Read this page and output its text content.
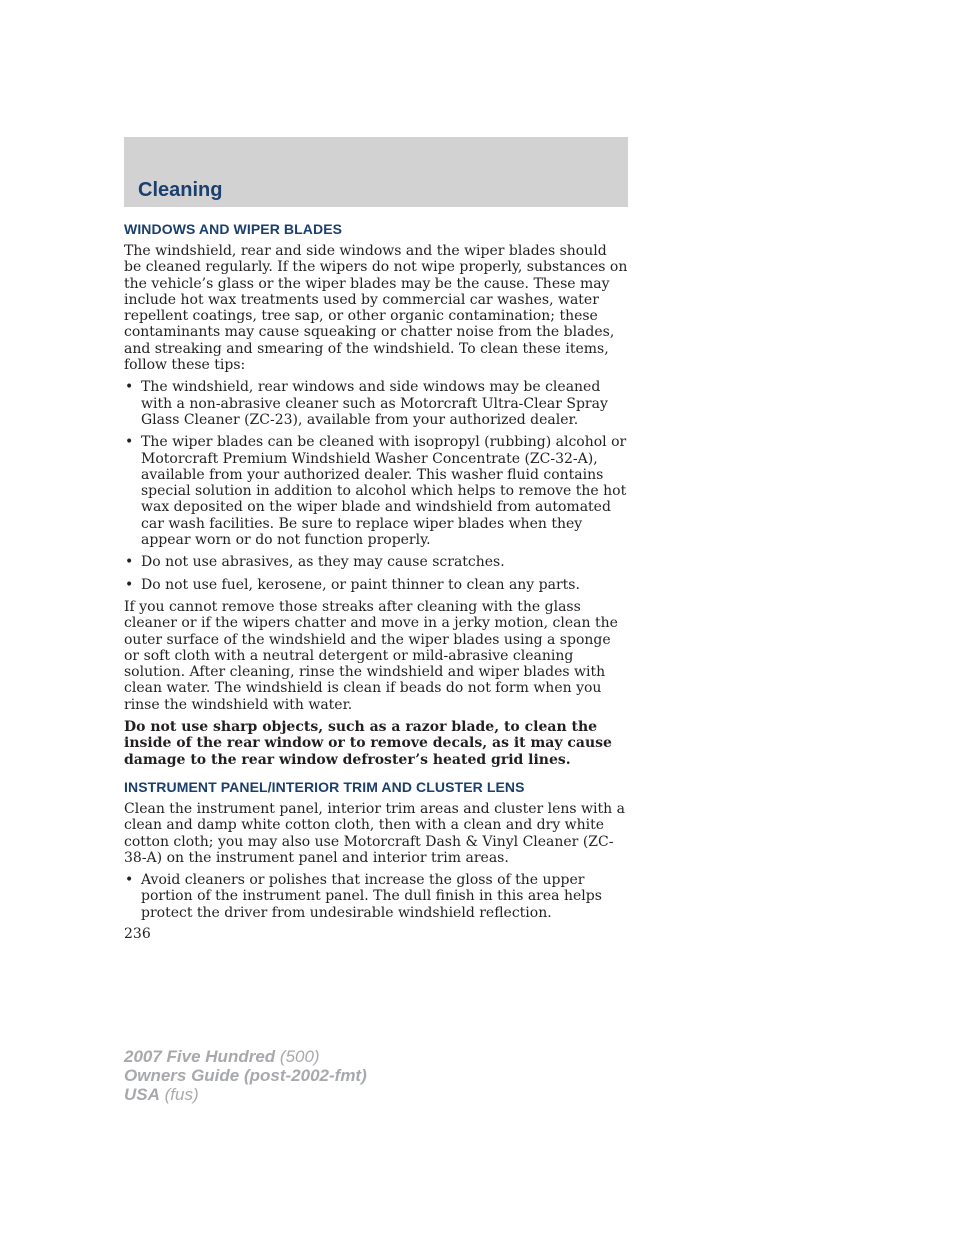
Cleaning
WINDOWS AND WIPER BLADES

The windshield, rear and side windows and the wiper blades should be cleaned regularly. If the wipers do not wipe properly, substances on the vehicle’s glass or the wiper blades may be the cause. These may include hot wax treatments used by commercial car washes, water repellent coatings, tree sap, or other organic contamination; these contaminants may cause squeaking or chatter noise from the blades, and streaking and smearing of the windshield. To clean these items, follow these tips:

• The windshield, rear windows and side windows may be cleaned with a non-abrasive cleaner such as Motorcraft Ultra-Clear Spray Glass Cleaner (ZC-23), available from your authorized dealer.
• The wiper blades can be cleaned with isopropyl (rubbing) alcohol or Motorcraft Premium Windshield Washer Concentrate (ZC-32-A), available from your authorized dealer. This washer fluid contains special solution in addition to alcohol which helps to remove the hot wax deposited on the wiper blade and windshield from automated car wash facilities. Be sure to replace wiper blades when they appear worn or do not function properly.
• Do not use abrasives, as they may cause scratches.
• Do not use fuel, kerosene, or paint thinner to clean any parts.

If you cannot remove those streaks after cleaning with the glass cleaner or if the wipers chatter and move in a jerky motion, clean the outer surface of the windshield and the wiper blades using a sponge or soft cloth with a neutral detergent or mild-abrasive cleaning solution. After cleaning, rinse the windshield and wiper blades with clean water. The windshield is clean if beads do not form when you rinse the windshield with water.

Do not use sharp objects, such as a razor blade, to clean the inside of the rear window or to remove decals, as it may cause damage to the rear window defroster’s heated grid lines.

INSTRUMENT PANEL/INTERIOR TRIM AND CLUSTER LENS

Clean the instrument panel, interior trim areas and cluster lens with a clean and damp white cotton cloth, then with a clean and dry white cotton cloth; you may also use Motorcraft Dash & Vinyl Cleaner (ZC-38-A) on the instrument panel and interior trim areas.

• Avoid cleaners or polishes that increase the gloss of the upper portion of the instrument panel. The dull finish in this area helps protect the driver from undesirable windshield reflection.
236
2007 Five Hundred (500)
Owners Guide (post-2002-fmt)
USA (fus)
